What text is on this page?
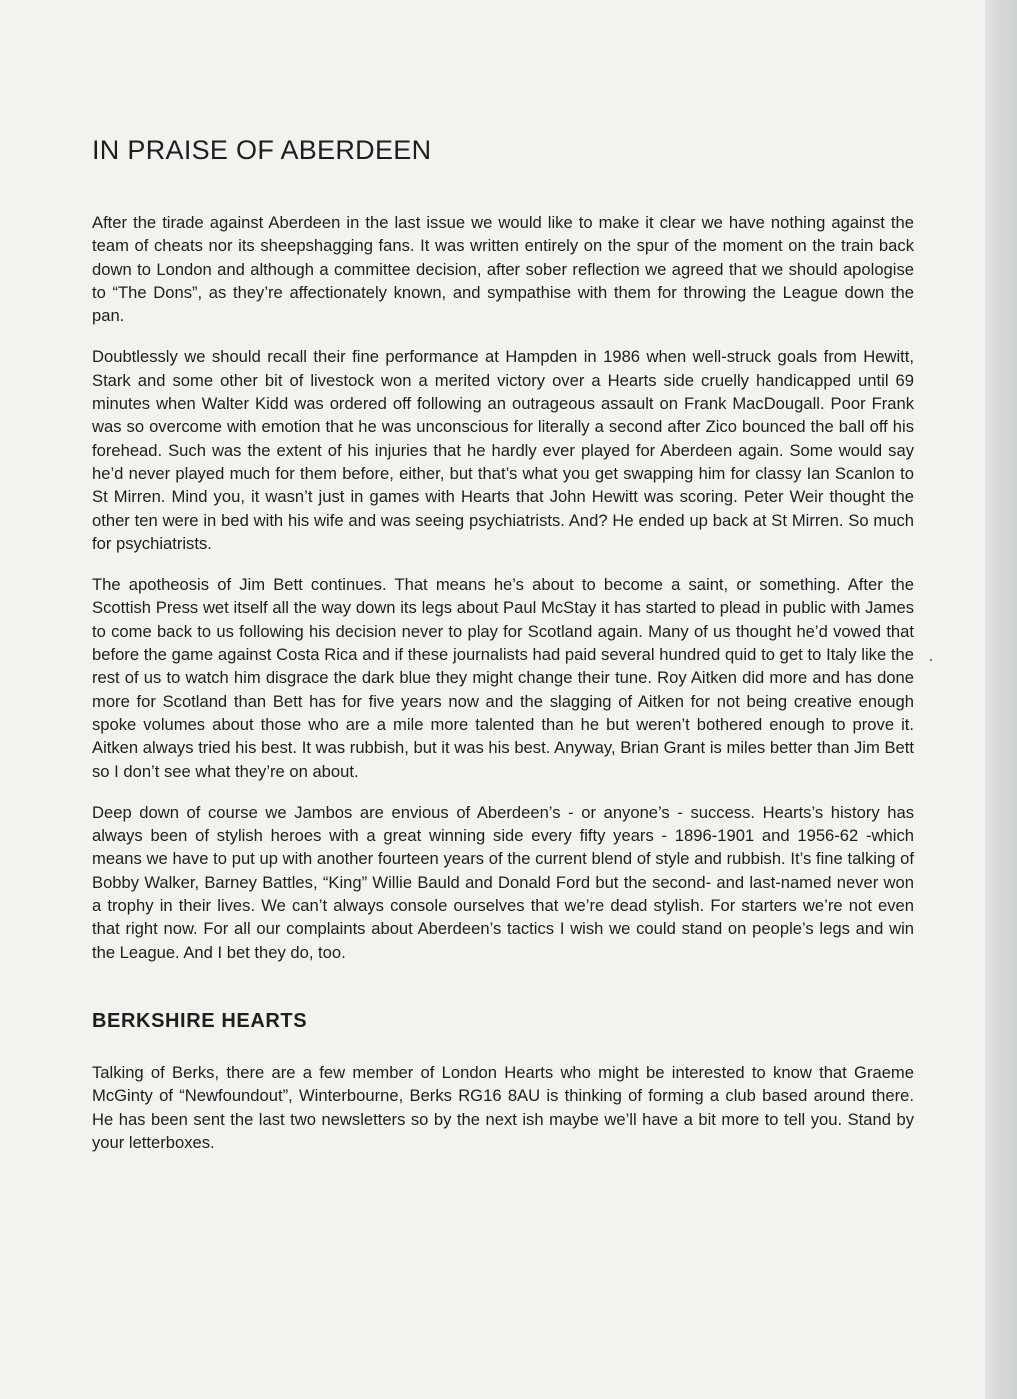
IN PRAISE OF ABERDEEN

After the tirade against Aberdeen in the last issue we would like to make it clear we have nothing against the team of cheats nor its sheepshagging fans. It was written entirely on the spur of the moment on the train back down to London and although a committee decision, after sober reflection we agreed that we should apologise to “The Dons”, as they’re affectionately known, and sympathise with them for throwing the League down the pan.

Doubtlessly we should recall their fine performance at Hampden in 1986 when well-struck goals from Hewitt, Stark and some other bit of livestock won a merited victory over a Hearts side cruelly handicapped until 69 minutes when Walter Kidd was ordered off following an outrageous assault on Frank MacDougall. Poor Frank was so overcome with emotion that he was unconscious for literally a second after Zico bounced the ball off his forehead. Such was the extent of his injuries that he hardly ever played for Aberdeen again. Some would say he’d never played much for them before, either, but that’s what you get swapping him for classy Ian Scanlon to St Mirren. Mind you, it wasn’t just in games with Hearts that John Hewitt was scoring. Peter Weir thought the other ten were in bed with his wife and was seeing psychiatrists. And? He ended up back at St Mirren. So much for psychiatrists.

The apotheosis of Jim Bett continues. That means he’s about to become a saint, or something. After the Scottish Press wet itself all the way down its legs about Paul McStay it has started to plead in public with James to come back to us following his decision never to play for Scotland again. Many of us thought he’d vowed that before the game against Costa Rica and if these journalists had paid several hundred quid to get to Italy like the rest of us to watch him disgrace the dark blue they might change their tune. Roy Aitken did more and has done more for Scotland than Bett has for five years now and the slagging of Aitken for not being creative enough spoke volumes about those who are a mile more talented than he but weren’t bothered enough to prove it. Aitken always tried his best. It was rubbish, but it was his best. Anyway, Brian Grant is miles better than Jim Bett so I don’t see what they’re on about.

Deep down of course we Jambos are envious of Aberdeen’s - or anyone’s - success. Hearts’s history has always been of stylish heroes with a great winning side every fifty years - 1896-1901 and 1956-62 -which means we have to put up with another fourteen years of the current blend of style and rubbish. It’s fine talking of Bobby Walker, Barney Battles, “King” Willie Bauld and Donald Ford but the second- and last-named never won a trophy in their lives. We can’t always console ourselves that we’re dead stylish. For starters we’re not even that right now. For all our complaints about Aberdeen’s tactics I wish we could stand on people’s legs and win the League. And I bet they do, too.

BERKSHIRE HEARTS

Talking of Berks, there are a few member of London Hearts who might be interested to know that Graeme McGinty of “Newfoundout”, Winterbourne, Berks RG16 8AU is thinking of forming a club based around there. He has been sent the last two newsletters so by the next ish maybe we’ll have a bit more to tell you. Stand by your letterboxes.
